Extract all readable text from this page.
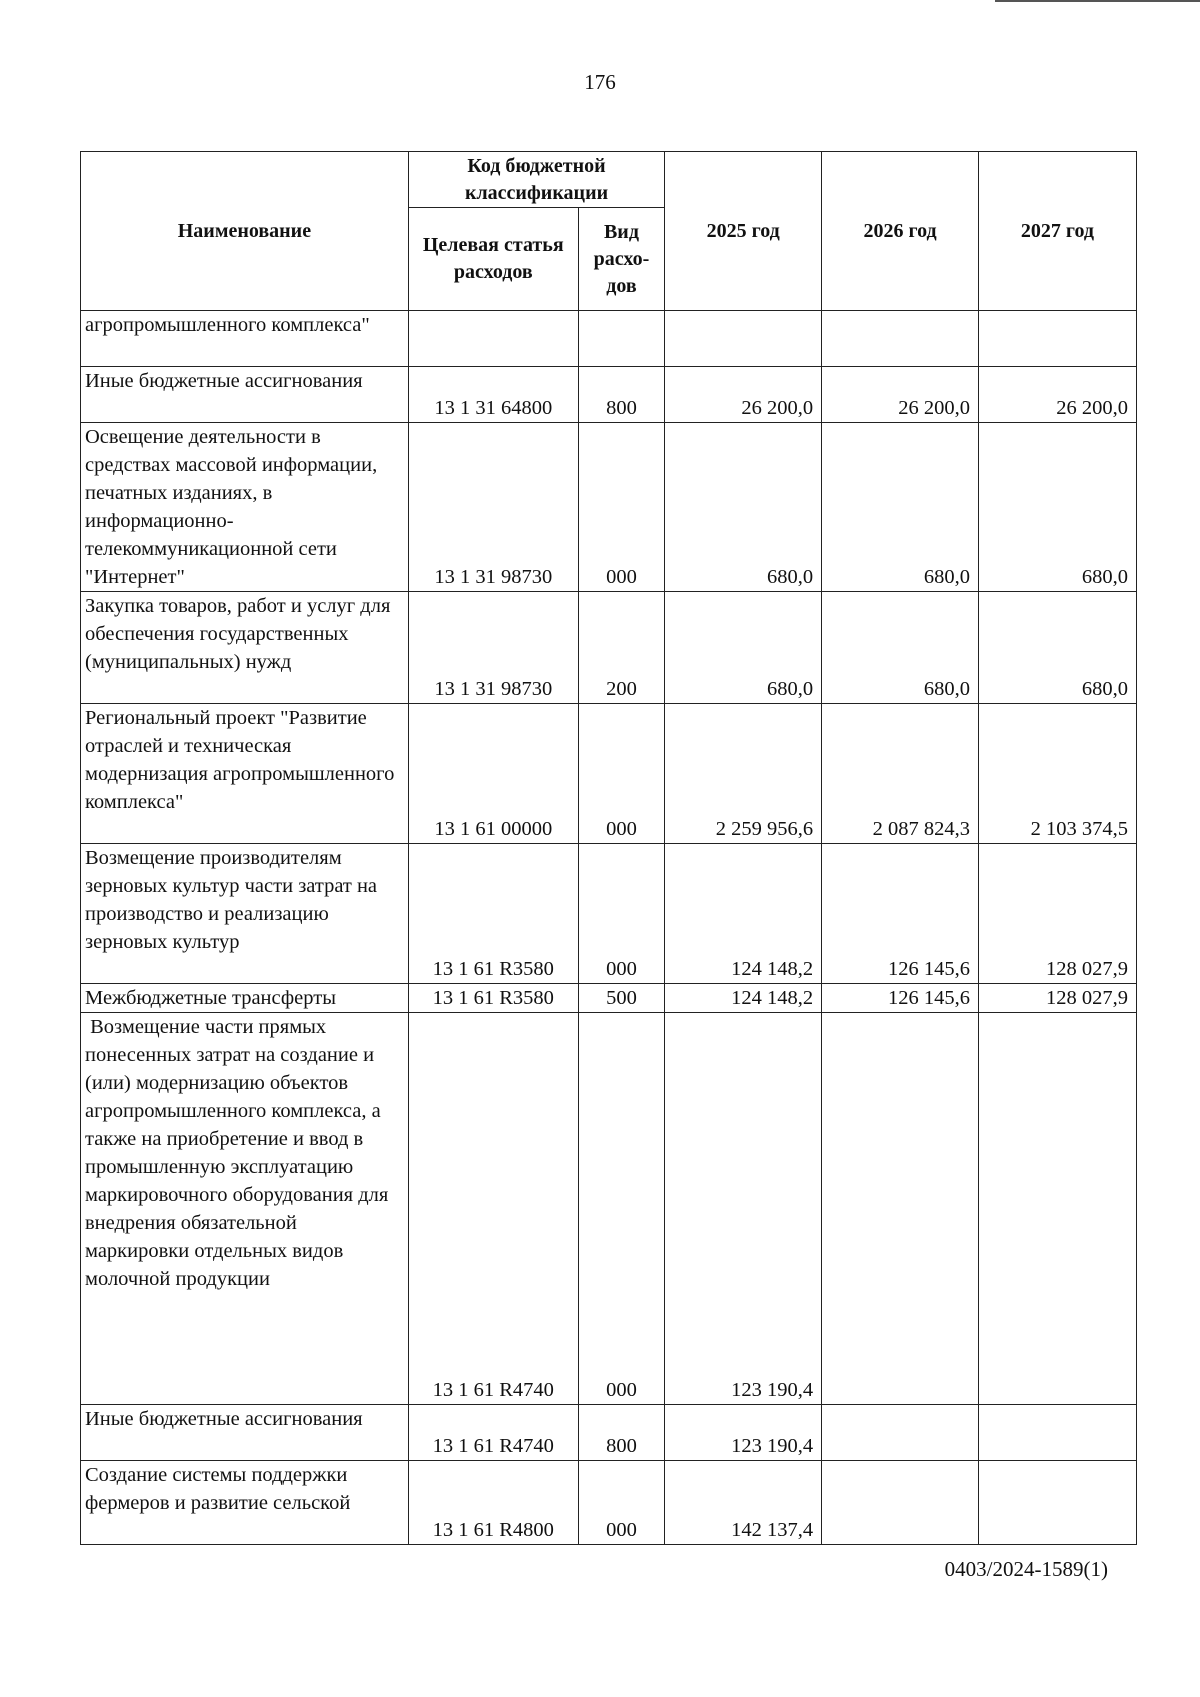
176
Наименование	Код бюджетной классификации		2025 год	2026 год	2027 год
	Целевая статья расходов	Вид расхо-дов			
агропромышленного комплекса"					
Иные бюджетные ассигнования	13 1 31 64800	800	26 200,0	26 200,0	26 200,0
Освещение деятельности в средствах массовой информации, печатных изданиях, в информационно-телекоммуникационной сети "Интернет"	13 1 31 98730	000	680,0	680,0	680,0
Закупка товаров, работ и услуг для обеспечения государственных (муниципальных) нужд	13 1 31 98730	200	680,0	680,0	680,0
Региональный проект "Развитие отраслей и техническая модернизация агропромышленного комплекса"	13 1 61 00000	000	2 259 956,6	2 087 824,3	2 103 374,5
Возмещение производителям зерновых культур части затрат на производство и реализацию зерновых культур	13 1 61 R3580	000	124 148,2	126 145,6	128 027,9
Межбюджетные трансферты	13 1 61 R3580	500	124 148,2	126 145,6	128 027,9
Возмещение части прямых понесенных затрат на создание и (или) модернизацию объектов агропромышленного комплекса, а также на приобретение и ввод в промышленную эксплуатацию маркировочного оборудования для внедрения обязательной маркировки отдельных видов молочной продукции	13 1 61 R4740	000	123 190,4		
Иные бюджетные ассигнования	13 1 61 R4740	800	123 190,4		
Создание системы поддержки фермеров и развитие сельской	13 1 61 R4800	000	142 137,4		
0403/2024-1589(1)
